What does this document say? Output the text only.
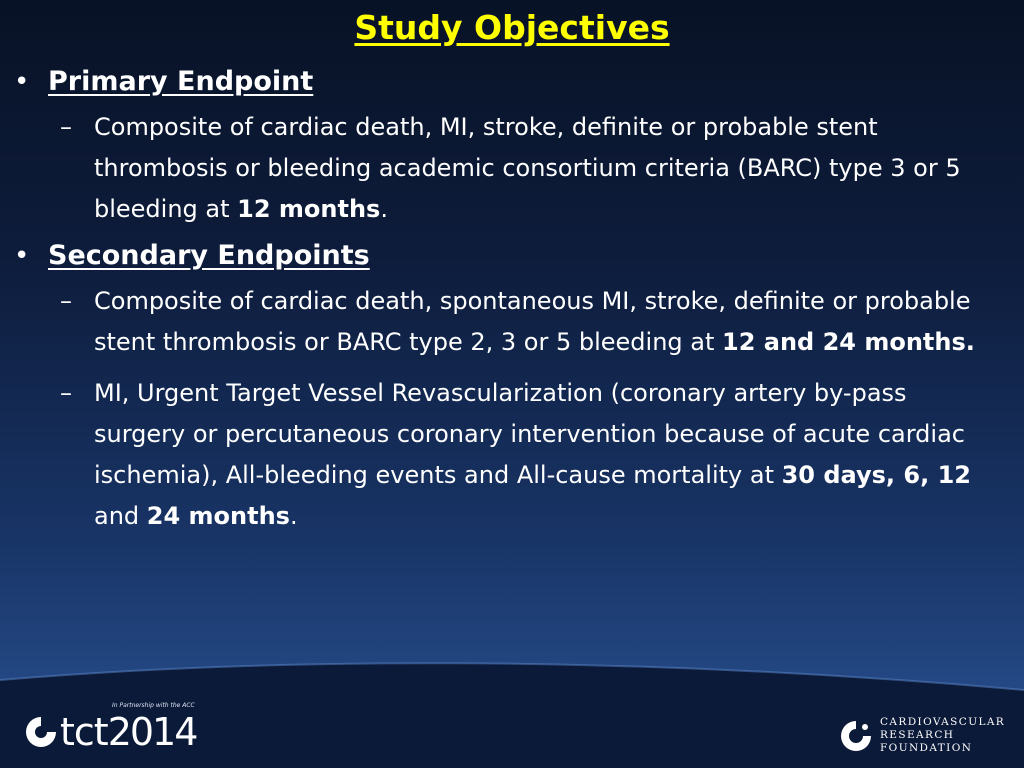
Study Objectives
• Primary Endpoint
– Composite of cardiac death, MI, stroke, definite or probable stent thrombosis or bleeding academic consortium criteria (BARC) type 3 or 5 bleeding at 12 months.
• Secondary Endpoints
– Composite of cardiac death, spontaneous MI, stroke, definite or probable stent thrombosis or BARC type 2, 3 or 5 bleeding at 12 and 24 months.
– MI, Urgent Target Vessel Revascularization (coronary artery by-pass surgery or percutaneous coronary intervention because of acute cardiac ischemia), All-bleeding events and All-cause mortality at 30 days, 6, 12 and 24 months.
In Partnership with the ACC
tct 2014	CARDIOVASCULAR
RESEARCH
FOUNDATION
